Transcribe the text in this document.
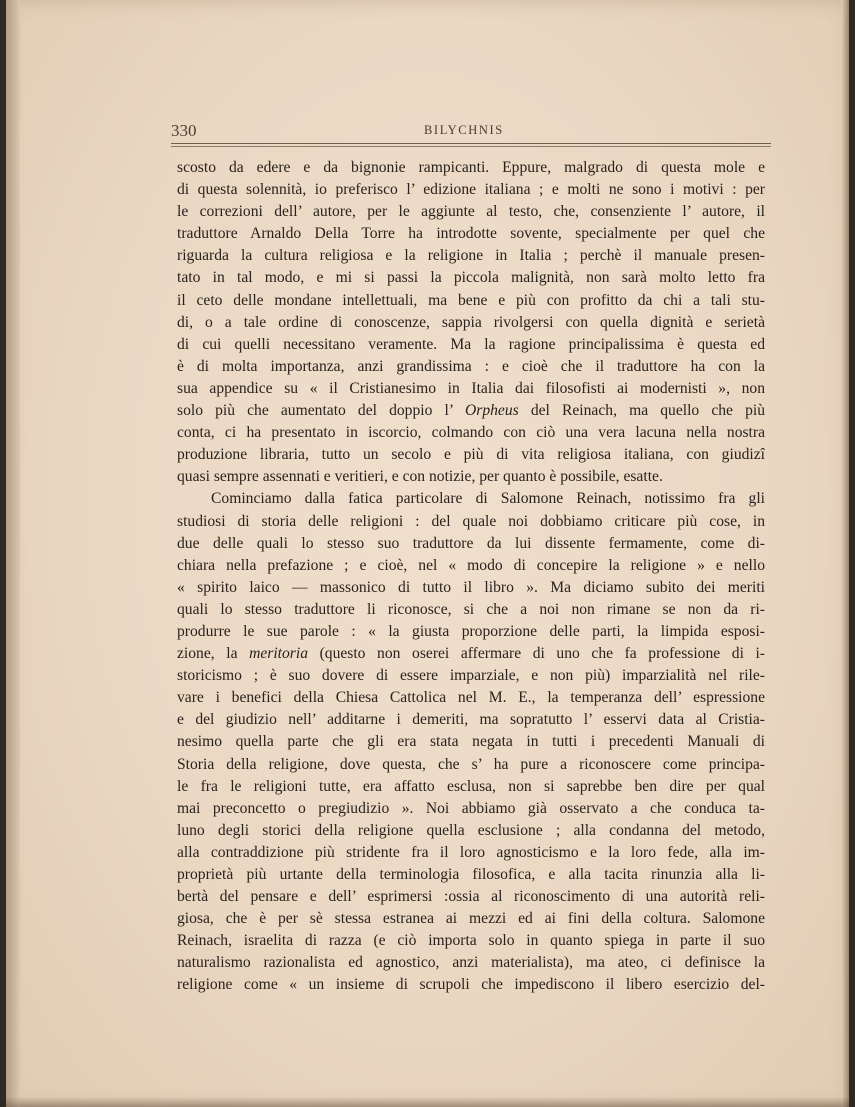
330	BILYCHNIS
scosto da edere e da bignonie rampicanti. Eppure, malgrado di questa mole e
di questa solennità, io preferisco l’ edizione italiana ; e molti ne sono i motivi : per
le correzioni dell’ autore, per le aggiunte al testo, che, consenziente l’ autore, il
traduttore Arnaldo Della Torre ha introdotte sovente, specialmente per quel che
riguarda la cultura religiosa e la religione in Italia ; perchè il manuale presen-
tato in tal modo, e mi si passi la piccola malignità, non sarà molto letto fra
il ceto delle mondane intellettuali, ma bene e più con profitto da chi a tali stu-
di, o a tale ordine di conoscenze, sappia rivolgersi con quella dignità e serietà
di cui quelli necessitano veramente. Ma la ragione principalissima è questa ed
è di molta importanza, anzi grandissima : e cioè che il traduttore ha con la
sua appendice su « il Cristianesimo in Italia dai filosofisti ai modernisti », non
solo più che aumentato del doppio l’ Orpheus del Reinach, ma quello che più
conta, ci ha presentato in iscorcio, colmando con ciò una vera lacuna nella nostra
produzione libraria, tutto un secolo e più di vita religiosa italiana, con giudizî
quasi sempre assennati e veritieri, e con notizie, per quanto è possibile, esatte.
Cominciamo dalla fatica particolare di Salomone Reinach, notissimo fra gli
studiosi di storia delle religioni : del quale noi dobbiamo criticare più cose, in
due delle quali lo stesso suo traduttore da lui dissente fermamente, come di-
chiara nella prefazione ; e cioè, nel « modo di concepire la religione » e nello
« spirito laico — massonico di tutto il libro ». Ma diciamo subito dei meriti
quali lo stesso traduttore li riconosce, si che a noi non rimane se non da ri-
produrre le sue parole : « la giusta proporzione delle parti, la limpida esposi-
zione, la meritoria (questo non oserei affermare di uno che fa professione di i-
storicismo ; è suo dovere di essere imparziale, e non più) imparzialità nel rile-
vare i benefici della Chiesa Cattolica nel M. E., la temperanza dell’ espressione
e del giudizio nell’ additarne i demeriti, ma sopratutto l’ esservi data al Cristia-
nesimo quella parte che gli era stata negata in tutti i precedenti Manuali di
Storia della religione, dove questa, che s’ ha pure a riconoscere come principa-
le fra le religioni tutte, era affatto esclusa, non si saprebbe ben dire per qual
mai preconcetto o pregiudizio ». Noi abbiamo già osservato a che conduca ta-
luno degli storici della religione quella esclusione ; alla condanna del metodo,
alla contraddizione più stridente fra il loro agnosticismo e la loro fede, alla im-
proprietà più urtante della terminologia filosofica, e alla tacita rinunzia alla li-
bertà del pensare e dell’ esprimersi :ossia al riconoscimento di una autorità reli-
giosa, che è per sè stessa estranea ai mezzi ed ai fini della coltura. Salomone
Reinach, israelita di razza (e ciò importa solo in quanto spiega in parte il suo
naturalismo razionalista ed agnostico, anzi materialista), ma ateo, ci definisce la
religione come « un insieme di scrupoli che impediscono il libero esercizio del-
